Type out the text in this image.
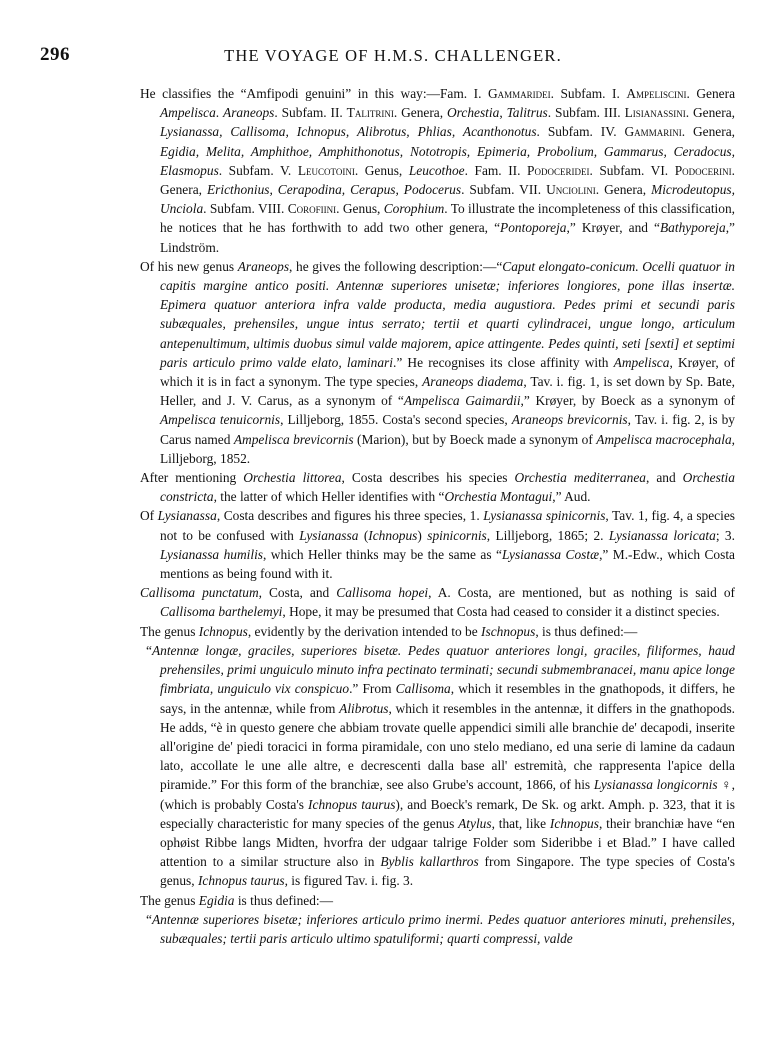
296	THE VOYAGE OF H.M.S. CHALLENGER.

He classifies the “Amfipodi genuini” in this way:—Fam. I. Gammaridei. Subfam. I. Ampeliscini. Genera Ampelisca. Araneops. Subfam. II. Talitrini. Genera, Orchestia, Talitrus. Subfam. III. Lisianassini. Genera, Lysianassa, Callisoma, Ichnopus, Alibrotus, Phlias, Acanthonotus. Subfam. IV. Gammarini. Genera, Egidia, Melita, Amphithoe, Amphithonotus, Nototropis, Epimeria, Probolium, Gammarus, Ceradocus, Elasmopus. Subfam. V. Leucotoini. Genus, Leucothoe. Fam. II. Podoceridei. Subfam. VI. Podocerini. Genera, Ericthonius, Cerapodina, Cerapus, Podocerus. Subfam. VII. Unciolini. Genera, Microdeutopus, Unciola. Subfam. VIII. Corofiini. Genus, Corophium. To illustrate the incompleteness of this classification, he notices that he has forthwith to add two other genera, “Pontoporeja,” Krøyer, and “Bathyporeja,” Lindström.

Of his new genus Araneops, he gives the following description:—“Caput elongato-conicum. Ocelli quatuor in capitis margine antico positi. Antennæ superiores unisetæ; inferiores longiores, pone illas insertæ. Epimera quatuor anteriora infra valde producta, media augustiora. Pedes primi et secundi paris subæquales, prehensiles, ungue intus serrato; tertii et quarti cylindracei, ungue longo, articulum antepenultimum, ultimis duobus simul valde majorem, apice attingente. Pedes quinti, seti [sexti] et septimi paris articulo primo valde elato, laminari.” He recognises its close affinity with Ampelisca, Krøyer, of which it is in fact a synonym. The type species, Araneops diadema, Tav. i. fig. 1, is set down by Sp. Bate, Heller, and J. V. Carus, as a synonym of “Ampelisca Gaimardii,” Krøyer, by Boeck as a synonym of Ampelisca tenuicornis, Lilljeborg, 1855. Costa's second species, Araneops brevicornis, Tav. i. fig. 2, is by Carus named Ampelisca brevicornis (Marion), but by Boeck made a synonym of Ampelisca macrocephala, Lilljeborg, 1852.

After mentioning Orchestia littorea, Costa describes his species Orchestia mediterranea, and Orchestia constricta, the latter of which Heller identifies with “Orchestia Montagui,” Aud.

Of Lysianassa, Costa describes and figures his three species, 1. Lysianassa spinicornis, Tav. 1, fig. 4, a species not to be confused with Lysianassa (Ichnopus) spinicornis, Lilljeborg, 1865; 2. Lysianassa loricata; 3. Lysianassa humilis, which Heller thinks may be the same as “Lysianassa Costæ,” M.-Edw., which Costa mentions as being found with it.

Callisoma punctatum, Costa, and Callisoma hopei, A. Costa, are mentioned, but as nothing is said of Callisoma barthelemyi, Hope, it may be presumed that Costa had ceased to consider it a distinct species.

The genus Ichnopus, evidently by the derivation intended to be Ischnopus, is thus defined:—

“Antennæ longæ, graciles, superiores bisetæ. Pedes quatuor anteriores longi, graciles, filiformes, haud prehensiles, primi unguiculo minuto infra pectinato terminati; secundi submembranacei, manu apice longe fimbriata, unguiculo vix conspicuo.” From Callisoma, which it resembles in the gnathopods, it differs, he says, in the antennæ, while from Alibrotus, which it resembles in the antennæ, it differs in the gnathopods. He adds, “è in questo genere che abbiam trovate quelle appendici simili alle branchie de' decapodi, inserite all'origine de' piedi toracici in forma piramidale, con uno stelo mediano, ed una serie di lamine da cadaun lato, accollate le une alle altre, e decrescenti dalla base all' estremità, che rappresenta l'apice della piramide.” For this form of the branchiæ, see also Grube's account, 1866, of his Lysianassa longicornis ♀, (which is probably Costa's Ichnopus taurus), and Boeck's remark, De Sk. og arkt. Amph. p. 323, that it is especially characteristic for many species of the genus Atylus, that, like Ichnopus, their branchiæ have “en ophøist Ribbe langs Midten, hvorfra der udgaar talrige Folder som Sideribbe i et Blad.” I have called attention to a similar structure also in Byblis kallarthros from Singapore. The type species of Costa's genus, Ichnopus taurus, is figured Tav. i. fig. 3.

The genus Egidia is thus defined:—

“Antennæ superiores bisetæ; inferiores articulo primo inermi. Pedes quatuor anteriores minuti, prehensiles, subæquales; tertii paris articulo ultimo spatuliformi; quarti compressi, valde
